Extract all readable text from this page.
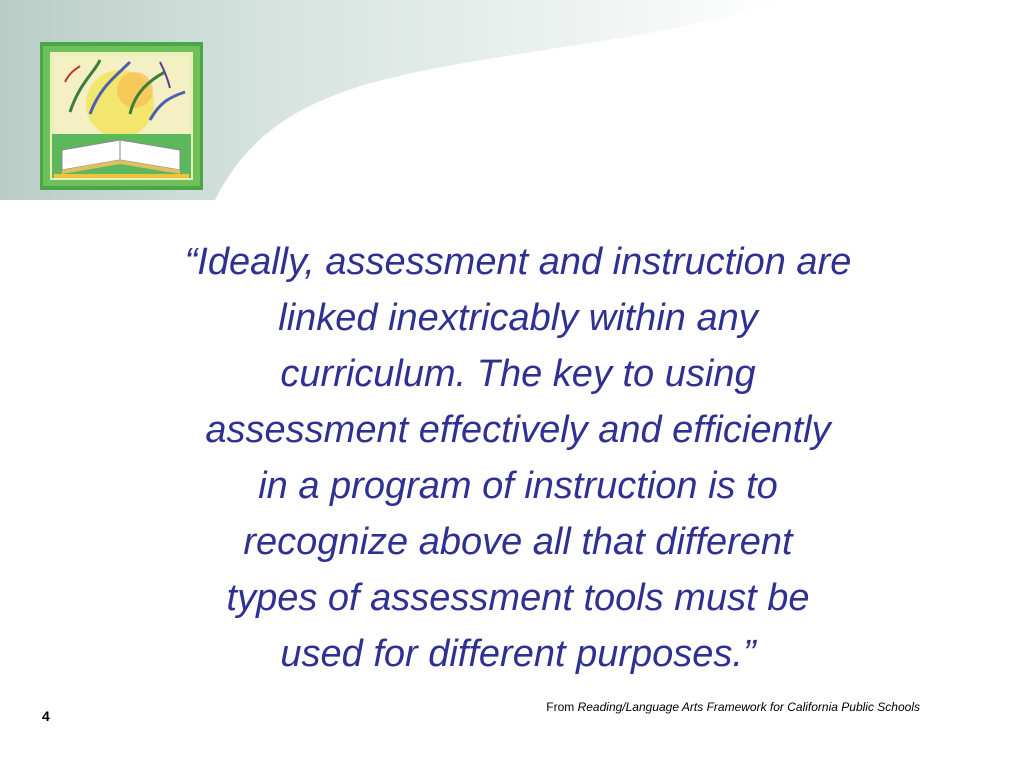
“Ideally, assessment and instruction are
linked inextricably within any
curriculum. The key to using
assessment effectively and efficiently
in a program of instruction is to
recognize above all that different
types of assessment tools must be
used for different purposes.”

From Reading/Language Arts Framework for California Public Schools
4
